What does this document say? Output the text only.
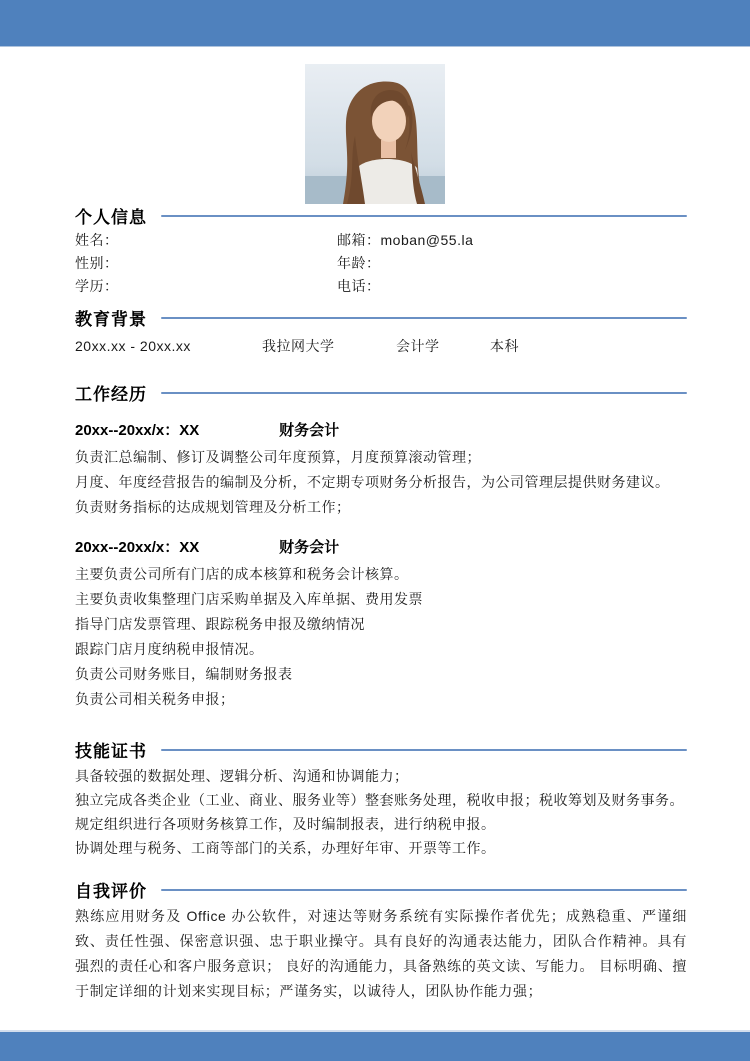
个人信息
姓名：	邮箱：moban@55.la
性别：	年龄：
学历：	电话：
教育背景
20xx.xx - 20xx.xx	我拉网大学	会计学	本科
工作经历
20xx--20xx/x：XX	财务会计
负责汇总编制、修订及调整公司年度预算，月度预算滚动管理；
月度、年度经营报告的编制及分析，不定期专项财务分析报告，为公司管理层提供财务建议。
负责财务指标的达成规划管理及分析工作；
20xx--20xx/x：XX	财务会计
主要负责公司所有门店的成本核算和税务会计核算。
主要负责收集整理门店采购单据及入库单据、费用发票
指导门店发票管理、跟踪税务申报及缴纳情况
跟踪门店月度纳税申报情况。
负责公司财务账目，编制财务报表
负责公司相关税务申报；
技能证书
具备较强的数据处理、逻辑分析、沟通和协调能力；
独立完成各类企业（工业、商业、服务业等）整套账务处理，税收申报；税收筹划及财务事务。
规定组织进行各项财务核算工作，及时编制报表，进行纳税申报。
协调处理与税务、工商等部门的关系，办理好年审、开票等工作。
自我评价

熟练应用财务及 Office 办公软件，对速达等财务系统有实际操作者优先；成熟稳重、严谨细致、责任性强、保密意识强、忠于职业操守。具有良好的沟通表达能力，团队合作精神。具有强烈的责任心和客户服务意识； 良好的沟通能力，具备熟练的英文读、写能力。 目标明确、擅于制定详细的计划来实现目标；严谨务实，以诚待人，团队协作能力强；
